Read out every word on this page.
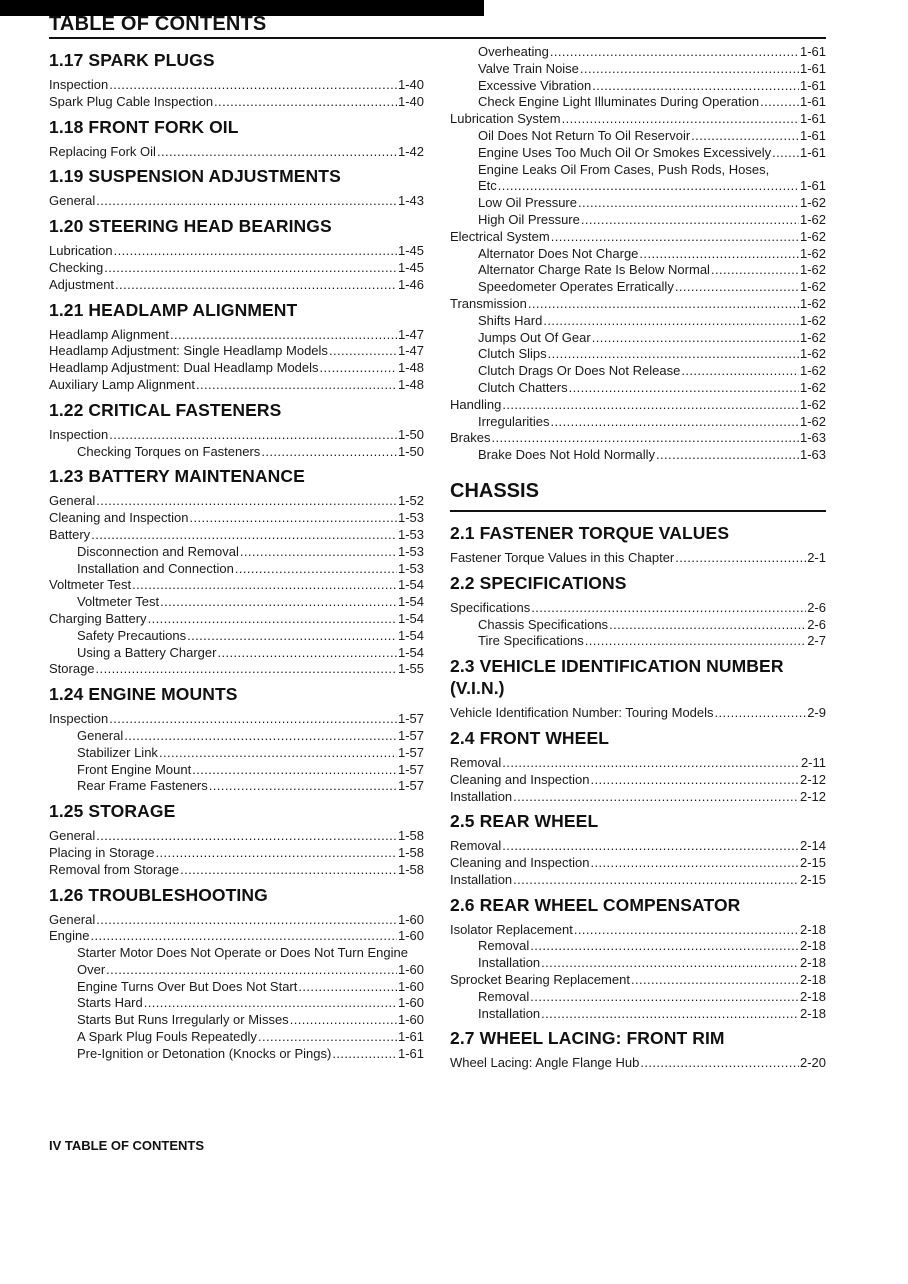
TABLE OF CONTENTS
1.17 SPARK PLUGS
Inspection .....	1-40
Spark Plug Cable Inspection .....	1-40
1.18 FRONT FORK OIL
Replacing Fork Oil .....	1-42
1.19 SUSPENSION ADJUSTMENTS
General .....	1-43
1.20 STEERING HEAD BEARINGS
Lubrication .....	1-45
Checking .....	1-45
Adjustment .....	1-46
1.21 HEADLAMP ALIGNMENT
Headlamp Alignment .....	1-47
Headlamp Adjustment: Single Headlamp Models .....	1-47
Headlamp Adjustment: Dual Headlamp Models .....	1-48
Auxiliary Lamp Alignment .....	1-48
1.22 CRITICAL FASTENERS
Inspection .....	1-50
Checking Torques on Fasteners .....	1-50
1.23 BATTERY MAINTENANCE
General .....	1-52
Cleaning and Inspection .....	1-53
Battery .....	1-53
Disconnection and Removal .....	1-53
Installation and Connection .....	1-53
Voltmeter Test .....	1-54
Voltmeter Test .....	1-54
Charging Battery .....	1-54
Safety Precautions .....	1-54
Using a Battery Charger .....	1-54
Storage .....	1-55
1.24 ENGINE MOUNTS
Inspection .....	1-57
General .....	1-57
Stabilizer Link .....	1-57
Front Engine Mount .....	1-57
Rear Frame Fasteners .....	1-57
1.25 STORAGE
General .....	1-58
Placing in Storage .....	1-58
Removal from Storage .....	1-58
1.26 TROUBLESHOOTING
General .....	1-60
Engine .....	1-60
Starter Motor Does Not Operate or Does Not Turn Engine
Over .....	1-60
Engine Turns Over But Does Not Start .....	1-60
Starts Hard .....	1-60
Starts But Runs Irregularly or Misses .....	1-60
A Spark Plug Fouls Repeatedly .....	1-61
Pre-Ignition or Detonation (Knocks or Pings) .....	1-61
Overheating .....	1-61
Valve Train Noise .....	1-61
Excessive Vibration .....	1-61
Check Engine Light Illuminates During Operation .....	1-61
Lubrication System .....	1-61
Oil Does Not Return To Oil Reservoir .....	1-61
Engine Uses Too Much Oil Or Smokes Excessively ..... 1-61
Engine Leaks Oil From Cases, Push Rods, Hoses,
Etc .....	1-61
Low Oil Pressure .....	1-62
High Oil Pressure .....	1-62
Electrical System .....	1-62
Alternator Does Not Charge .....	1-62
Alternator Charge Rate Is Below Normal .....	1-62
Speedometer Operates Erratically .....	1-62
Transmission .....	1-62
Shifts Hard .....	1-62
Jumps Out Of Gear .....	1-62
Clutch Slips .....	1-62
Clutch Drags Or Does Not Release .....	1-62
Clutch Chatters .....	1-62
Handling .....	1-62
Irregularities .....	1-62
Brakes .....	1-63
Brake Does Not Hold Normally .....	1-63
CHASSIS
2.1 FASTENER TORQUE VALUES
Fastener Torque Values in this Chapter .....	2-1
2.2 SPECIFICATIONS
Specifications .....	2-6
Chassis Specifications .....	2-6
Tire Specifications .....	2-7
2.3 VEHICLE IDENTIFICATION NUMBER (V.I.N.)
Vehicle Identification Number: Touring Models .....	2-9
2.4 FRONT WHEEL
Removal .....	2-11
Cleaning and Inspection .....	2-12
Installation .....	2-12
2.5 REAR WHEEL
Removal .....	2-14
Cleaning and Inspection .....	2-15
Installation .....	2-15
2.6 REAR WHEEL COMPENSATOR
Isolator Replacement .....	2-18
Removal .....	2-18
Installation .....	2-18
Sprocket Bearing Replacement .....	2-18
Removal .....	2-18
Installation .....	2-18
2.7 WHEEL LACING: FRONT RIM
Wheel Lacing: Angle Flange Hub .....	2-20
IV TABLE OF CONTENTS
